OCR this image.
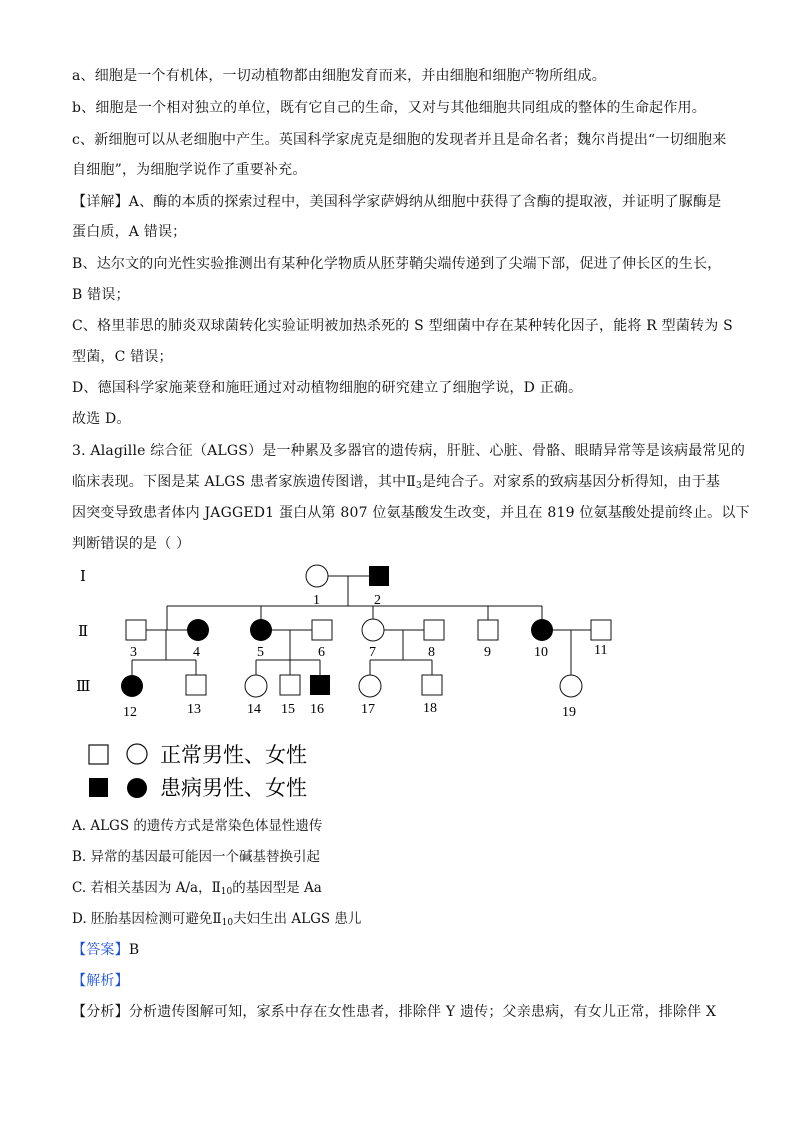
a、细胞是一个有机体，一切动植物都由细胞发育而来，并由细胞和细胞产物所组成。
b、细胞是一个相对独立的单位，既有它自己的生命，又对与其他细胞共同组成的整体的生命起作用。
c、新细胞可以从老细胞中产生。英国科学家虎克是细胞的发现者并且是命名者；魏尔肖提出“一切细胞来
自细胞”，为细胞学说作了重要补充。
【详解】A、酶的本质的探索过程中，美国科学家萨姆纳从细胞中获得了含酶的提取液，并证明了脲酶是
蛋白质，A 错误；
B、达尔文的向光性实验推测出有某种化学物质从胚芽鞘尖端传递到了尖端下部，促进了伸长区的生长，
B 错误；
C、格里菲思的肺炎双球菌转化实验证明被加热杀死的 S 型细菌中存在某种转化因子，能将 R 型菌转为 S
型菌，C 错误；
D、德国科学家施莱登和施旺通过对动植物细胞的研究建立了细胞学说，D 正确。
故选 D。
3. Alagille 综合征（ALGS）是一种累及多器官的遗传病，肝脏、心脏、骨骼、眼睛异常等是该病最常见的
临床表现。下图是某 ALGS 患者家族遗传图谱，其中$Ⅱ_3$是纯合子。对家系的致病基因分析得知，由于基
因突变导致患者体内 JAGGED1 蛋白从第 807 位氨基酸发生改变，并且在 819 位氨基酸处提前终止。以下
判断错误的是（ ）
Ⅰ
Ⅱ
Ⅲ
1	2
3	4	5	6	7	8	9	10	11
12	13	14 15 16	17	18	19
正常男性、女性
患病男性、女性
A. ALGS 的遗传方式是常染色体显性遗传
B. 异常的基因最可能因一个碱基替换引起
C. 若相关基因为 A/a，$Ⅱ_{10}$的基因型是 Aa
D. 胚胎基因检测可避免$Ⅱ_{10}$夫妇生出 ALGS 患儿
【答案】B
【解析】
【分析】分析遗传图解可知，家系中存在女性患者，排除伴 Y 遗传；父亲患病，有女儿正常，排除伴 X
